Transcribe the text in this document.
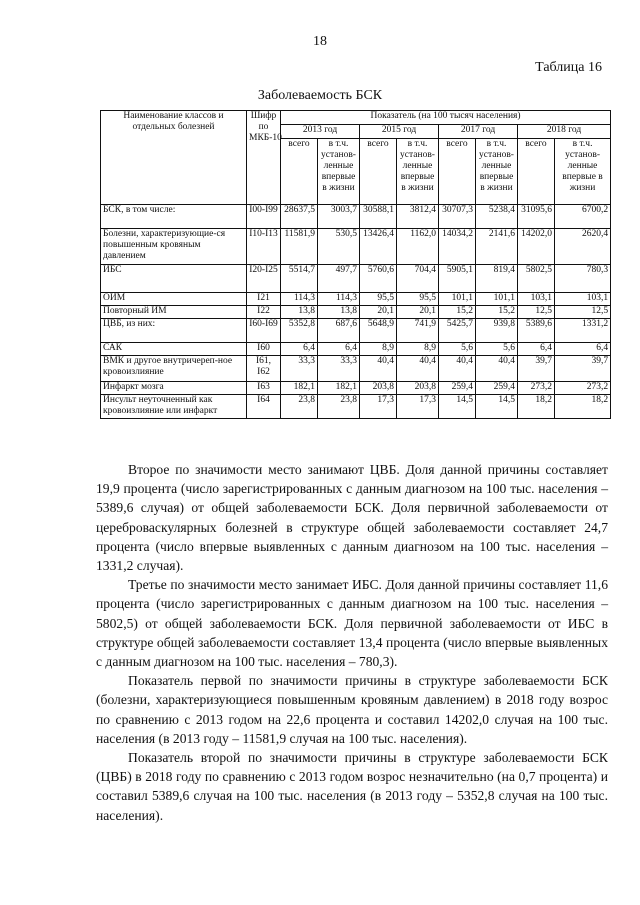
18
Таблица 16
Заболеваемость БСК
Наименование классов и отдельных болезней	Шифр по МКБ-10	Показатель (на 100 тысяч населения)							
		2013 год		2015 год		2017 год		2018 год	
		всего	в т.ч. установ-ленные впервые в жизни	всего	в т.ч. установ-ленные впервые в жизни	всего	в т.ч. установ-ленные впервые в жизни	всего	в т.ч. установ-ленные впервые в жизни
БСК, в том числе:	I00-I99	28637,5	3003,7	30588,1	3812,4	30707,3	5238,4	31095,6	6700,2
Болезни, характеризующие-ся повышенным кровяным давлением	I10-I13	11581,9	530,5	13426,4	1162,0	14034,2	2141,6	14202,0	2620,4
ИБС	I20-I25	5514,7	497,7	5760,6	704,4	5905,1	819,4	5802,5	780,3
ОИМ	I21	114,3	114,3	95,5	95,5	101,1	101,1	103,1	103,1
Повторный ИМ	I22	13,8	13,8	20,1	20,1	15,2	15,2	12,5	12,5
ЦВБ, из них:	I60-I69	5352,8	687,6	5648,9	741,9	5425,7	939,8	5389,6	1331,2
САК	I60	6,4	6,4	8,9	8,9	5,6	5,6	6,4	6,4
ВМК и другое внутричереп-ное кровоизлияние	I61, I62	33,3	33,3	40,4	40,4	40,4	40,4	39,7	39,7
Инфаркт мозга	I63	182,1	182,1	203,8	203,8	259,4	259,4	273,2	273,2
Инсульт неуточненный как кровоизлияние или инфаркт	I64	23,8	23,8	17,3	17,3	14,5	14,5	18,2	18,2

Второе по значимости место занимают ЦВБ. Доля данной причины составляет 19,9 процента (число зарегистрированных с данным диагнозом на 100 тыс. населения – 5389,6 случая) от общей заболеваемости БСК. Доля первичной заболеваемости от цереброваскулярных болезней в структуре общей заболеваемости составляет 24,7 процента (число впервые выявленных с данным диагнозом на 100 тыс. населения – 1331,2 случая).

Третье по значимости место занимает ИБС. Доля данной причины составляет 11,6 процента (число зарегистрированных с данным диагнозом на 100 тыс. населения – 5802,5) от общей заболеваемости БСК. Доля первичной заболеваемости от ИБС в структуре общей заболеваемости составляет 13,4 процента (число впервые выявленных с данным диагнозом на 100 тыс. населения – 780,3).

Показатель первой по значимости причины в структуре заболеваемости БСК (болезни, характеризующиеся повышенным кровяным давлением) в 2018 году возрос по сравнению с 2013 годом на 22,6 процента и составил 14202,0 случая на 100 тыс. населения (в 2013 году – 11581,9 случая на 100 тыс. населения).

Показатель второй по значимости причины в структуре заболеваемости БСК (ЦВБ) в 2018 году по сравнению с 2013 годом возрос незначительно (на 0,7 процента) и составил 5389,6 случая на 100 тыс. населения (в 2013 году – 5352,8 случая на 100 тыс. населения).
